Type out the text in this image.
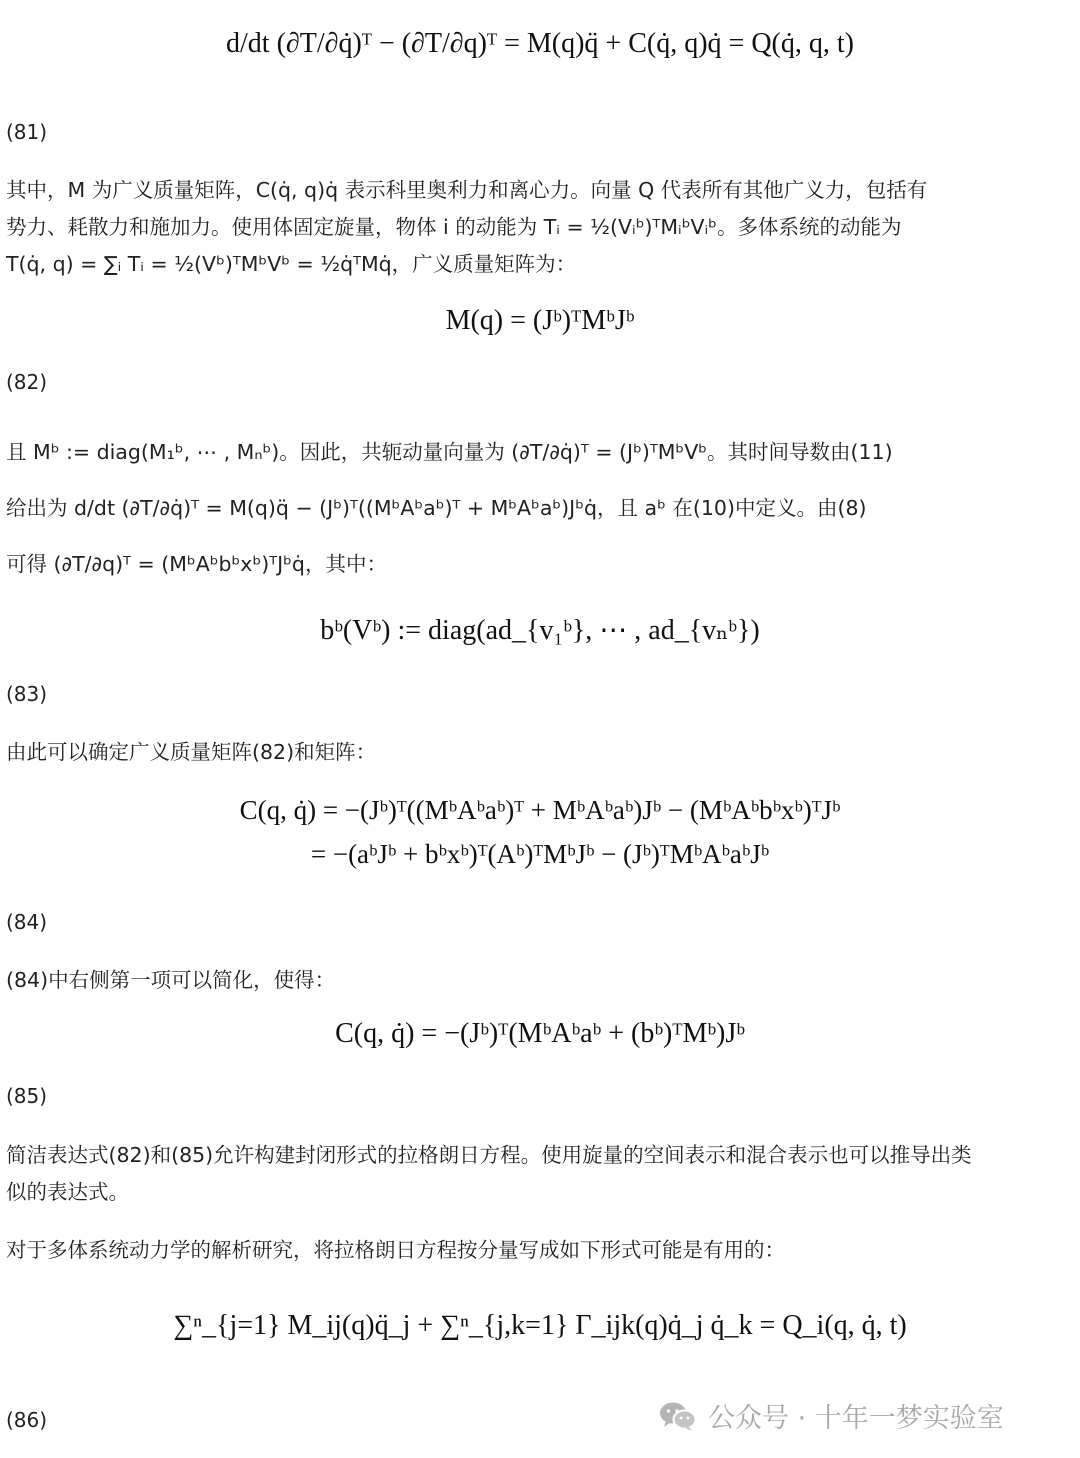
d/dt (∂T/∂q̇)ᵀ − (∂T/∂q)ᵀ = M(q)q̈ + C(q̇, q)q̇ = Q(q̇, q, t)
(81)
其中，M 为广义质量矩阵，C(q̇, q)q̇ 表示科里奥利力和离心力。向量 Q 代表所有其他广义力，包括有
势力、耗散力和施加力。使用体固定旋量，物体 i 的动能为 Tᵢ = ½(Vᵢᵇ)ᵀMᵢᵇVᵢᵇ。多体系统的动能为
T(q̇, q) = ∑ᵢ Tᵢ = ½(Vᵇ)ᵀMᵇVᵇ = ½q̇ᵀMq̇，广义质量矩阵为：
M(q) = (Jᵇ)ᵀMᵇJᵇ
(82)
且 Mᵇ := diag(M₁ᵇ, ⋯ , Mₙᵇ)。因此，共轭动量向量为 (∂T/∂q̇)ᵀ = (Jᵇ)ᵀMᵇVᵇ。其时间导数由(11)
给出为 d/dt (∂T/∂q̇)ᵀ = M(q)q̈ − (Jᵇ)ᵀ((MᵇAᵇaᵇ)ᵀ + MᵇAᵇaᵇ)Jᵇq̇，且 aᵇ 在(10)中定义。由(8)
可得 (∂T/∂q)ᵀ = (MᵇAᵇbᵇxᵇ)ᵀJᵇq̇，其中：
bᵇ(Vᵇ) := diag(ad_{v₁ᵇ}, ⋯ , ad_{vₙᵇ})
(83)
由此可以确定广义质量矩阵(82)和矩阵：
C(q, q̇) = −(Jᵇ)ᵀ((MᵇAᵇaᵇ)ᵀ + MᵇAᵇaᵇ)Jᵇ − (MᵇAᵇbᵇxᵇ)ᵀJᵇ
= −(aᵇJᵇ + bᵇxᵇ)ᵀ(Aᵇ)ᵀMᵇJᵇ − (Jᵇ)ᵀMᵇAᵇaᵇJᵇ
(84)
(84)中右侧第一项可以简化，使得：
C(q, q̇) = −(Jᵇ)ᵀ(MᵇAᵇaᵇ + (bᵇ)ᵀMᵇ)Jᵇ
(85)
简洁表达式(82)和(85)允许构建封闭形式的拉格朗日方程。使用旋量的空间表示和混合表示也可以推导出类
似的表达式。
对于多体系统动力学的解析研究，将拉格朗日方程按分量写成如下形式可能是有用的：
∑ⁿ_{j=1} M_ij(q)q̈_j + ∑ⁿ_{j,k=1} Γ_ijk(q)q̇_j q̇_k = Q_i(q, q̇, t)
(86)	公众号 · 十年一梦实验室
